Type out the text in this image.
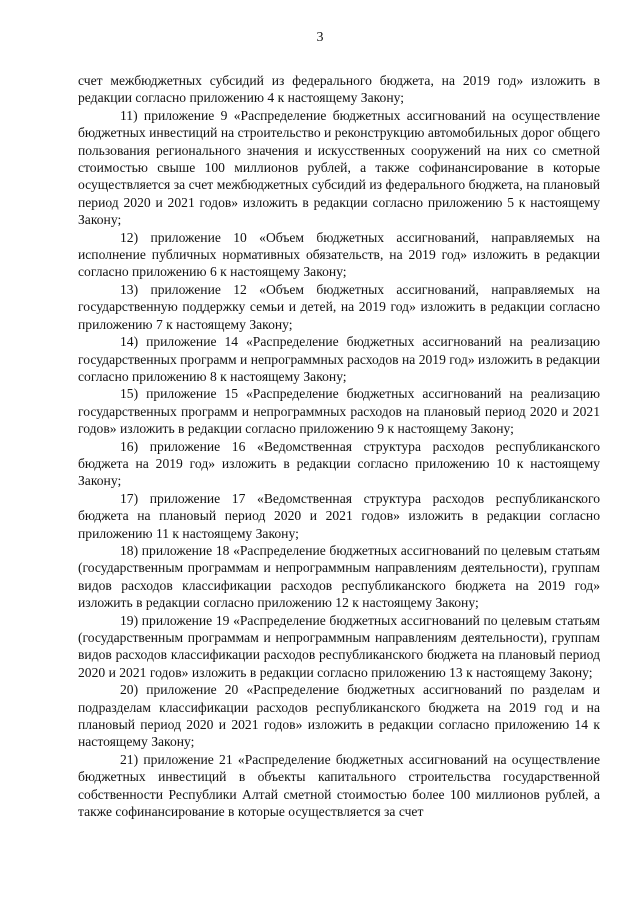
3

счет межбюджетных субсидий из федерального бюджета, на 2019 год» изложить в редакции согласно приложению 4 к настоящему Закону;

11) приложение 9 «Распределение бюджетных ассигнований на осуществление бюджетных инвестиций на строительство и реконструкцию автомобильных дорог общего пользования регионального значения и искусственных сооружений на них со сметной стоимостью свыше 100 миллионов рублей, а также софинансирование в которые осуществляется за счет межбюджетных субсидий из федерального бюджета, на плановый период 2020 и 2021 годов» изложить в редакции согласно приложению 5 к настоящему Закону;

12) приложение 10 «Объем бюджетных ассигнований, направляемых на исполнение публичных нормативных обязательств, на 2019 год» изложить в редакции согласно приложению 6 к настоящему Закону;

13) приложение 12 «Объем бюджетных ассигнований, направляемых на государственную поддержку семьи и детей, на 2019 год» изложить в редакции согласно приложению 7 к настоящему Закону;

14) приложение 14 «Распределение бюджетных ассигнований на реализацию государственных программ и непрограммных расходов на 2019 год» изложить в редакции согласно приложению 8 к настоящему Закону;

15) приложение 15 «Распределение бюджетных ассигнований на реализацию государственных программ и непрограммных расходов на плановый период 2020 и 2021 годов» изложить в редакции согласно приложению 9 к настоящему Закону;

16) приложение 16 «Ведомственная структура расходов республиканского бюджета на 2019 год» изложить в редакции согласно приложению 10 к настоящему Закону;

17) приложение 17 «Ведомственная структура расходов республиканского бюджета на плановый период 2020 и 2021 годов» изложить в редакции согласно приложению 11 к настоящему Закону;

18) приложение 18 «Распределение бюджетных ассигнований по целевым статьям (государственным программам и непрограммным направлениям деятельности), группам видов расходов классификации расходов республиканского бюджета на 2019 год» изложить в редакции согласно приложению 12 к настоящему Закону;

19) приложение 19 «Распределение бюджетных ассигнований по целевым статьям (государственным программам и непрограммным направлениям деятельности), группам видов расходов классификации расходов республиканского бюджета на плановый период 2020 и 2021 годов» изложить в редакции согласно приложению 13 к настоящему Закону;

20) приложение 20 «Распределение бюджетных ассигнований по разделам и подразделам классификации расходов республиканского бюджета на 2019 год и на плановый период 2020 и 2021 годов» изложить в редакции согласно приложению 14 к настоящему Закону;

21) приложение 21 «Распределение бюджетных ассигнований на осуществление бюджетных инвестиций в объекты капитального строительства государственной собственности Республики Алтай сметной стоимостью более 100 миллионов рублей, а также софинансирование в которые осуществляется за счет
